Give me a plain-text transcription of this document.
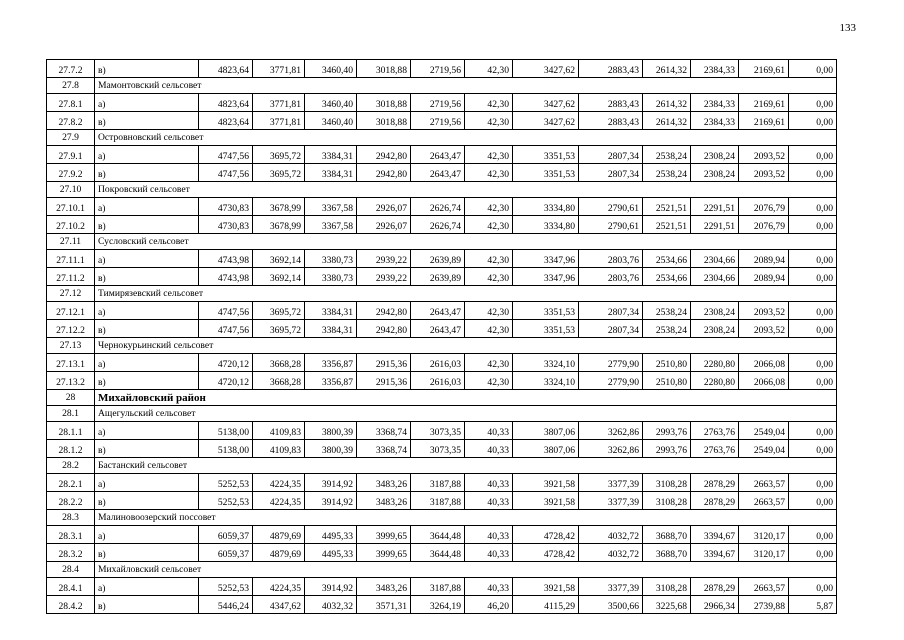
133
27.7.2	в)	4823,64	3771,81	3460,40	3018,88	2719,56	42,30	3427,62	2883,43	2614,32	2384,33	2169,61	0,00
27.8	Мамонтовский сельсовет												
27.8.1	а)	4823,64	3771,81	3460,40	3018,88	2719,56	42,30	3427,62	2883,43	2614,32	2384,33	2169,61	0,00
27.8.2	в)	4823,64	3771,81	3460,40	3018,88	2719,56	42,30	3427,62	2883,43	2614,32	2384,33	2169,61	0,00
27.9	Островновский сельсовет												
27.9.1	а)	4747,56	3695,72	3384,31	2942,80	2643,47	42,30	3351,53	2807,34	2538,24	2308,24	2093,52	0,00
27.9.2	в)	4747,56	3695,72	3384,31	2942,80	2643,47	42,30	3351,53	2807,34	2538,24	2308,24	2093,52	0,00
27.10	Покровский сельсовет												
27.10.1	а)	4730,83	3678,99	3367,58	2926,07	2626,74	42,30	3334,80	2790,61	2521,51	2291,51	2076,79	0,00
27.10.2	в)	4730,83	3678,99	3367,58	2926,07	2626,74	42,30	3334,80	2790,61	2521,51	2291,51	2076,79	0,00
27.11	Сусловский сельсовет												
27.11.1	а)	4743,98	3692,14	3380,73	2939,22	2639,89	42,30	3347,96	2803,76	2534,66	2304,66	2089,94	0,00
27.11.2	в)	4743,98	3692,14	3380,73	2939,22	2639,89	42,30	3347,96	2803,76	2534,66	2304,66	2089,94	0,00
27.12	Тимирязевский сельсовет												
27.12.1	а)	4747,56	3695,72	3384,31	2942,80	2643,47	42,30	3351,53	2807,34	2538,24	2308,24	2093,52	0,00
27.12.2	в)	4747,56	3695,72	3384,31	2942,80	2643,47	42,30	3351,53	2807,34	2538,24	2308,24	2093,52	0,00
27.13	Чернокурьинский сельсовет												
27.13.1	а)	4720,12	3668,28	3356,87	2915,36	2616,03	42,30	3324,10	2779,90	2510,80	2280,80	2066,08	0,00
27.13.2	в)	4720,12	3668,28	3356,87	2915,36	2616,03	42,30	3324,10	2779,90	2510,80	2280,80	2066,08	0,00
28	Михайловский район												
28.1	Ащегульский сельсовет												
28.1.1	а)	5138,00	4109,83	3800,39	3368,74	3073,35	40,33	3807,06	3262,86	2993,76	2763,76	2549,04	0,00
28.1.2	в)	5138,00	4109,83	3800,39	3368,74	3073,35	40,33	3807,06	3262,86	2993,76	2763,76	2549,04	0,00
28.2	Бастанский сельсовет												
28.2.1	а)	5252,53	4224,35	3914,92	3483,26	3187,88	40,33	3921,58	3377,39	3108,28	2878,29	2663,57	0,00
28.2.2	в)	5252,53	4224,35	3914,92	3483,26	3187,88	40,33	3921,58	3377,39	3108,28	2878,29	2663,57	0,00
28.3	Малиновоозерский поссовет												
28.3.1	а)	6059,37	4879,69	4495,33	3999,65	3644,48	40,33	4728,42	4032,72	3688,70	3394,67	3120,17	0,00
28.3.2	в)	6059,37	4879,69	4495,33	3999,65	3644,48	40,33	4728,42	4032,72	3688,70	3394,67	3120,17	0,00
28.4	Михайловский сельсовет												
28.4.1	а)	5252,53	4224,35	3914,92	3483,26	3187,88	40,33	3921,58	3377,39	3108,28	2878,29	2663,57	0,00
28.4.2	в)	5446,24	4347,62	4032,32	3571,31	3264,19	46,20	4115,29	3500,66	3225,68	2966,34	2739,88	5,87
